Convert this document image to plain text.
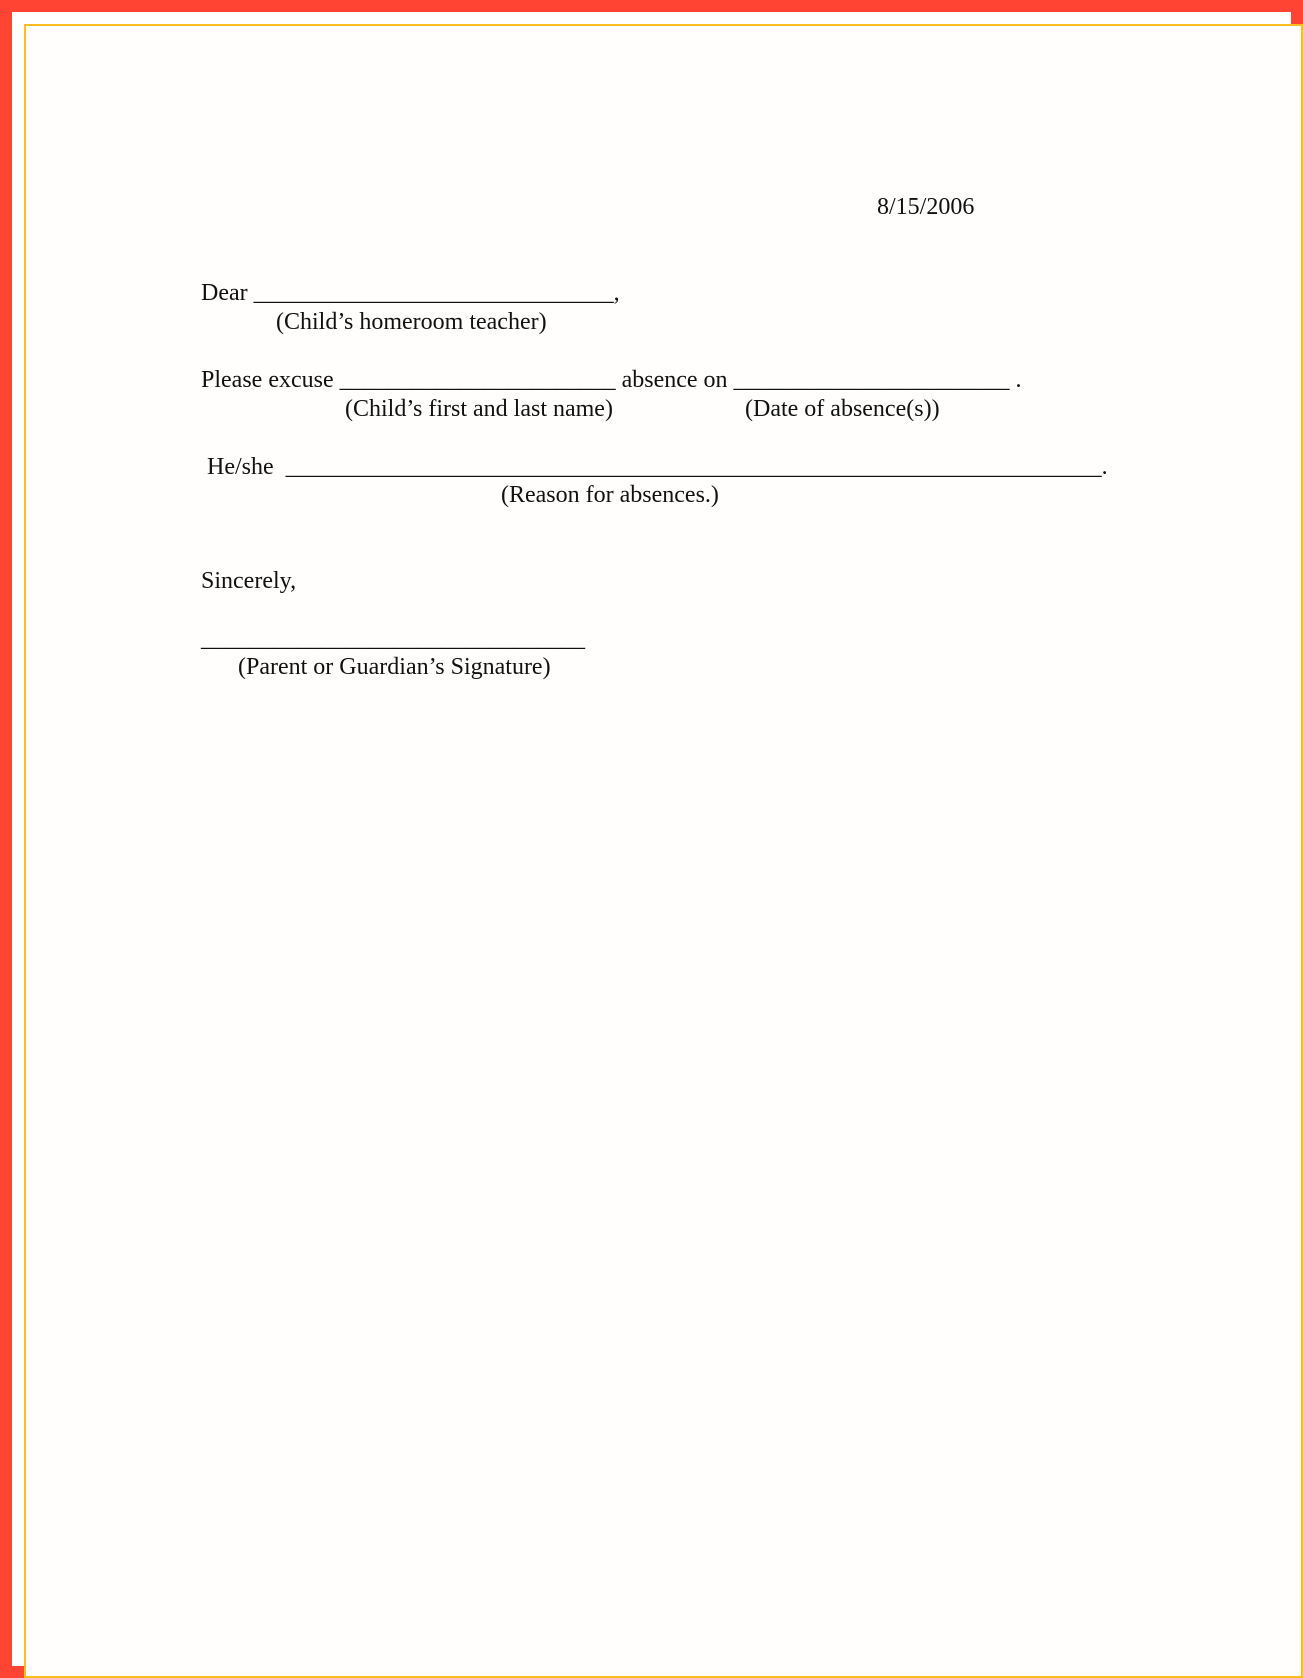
8/15/2006

Dear ______________________________,

(Child’s homeroom teacher)

Please excuse _______________________ absence on _______________________ .

(Child’s first and last name)	(Date of absence(s))

He/she  ____________________________________________________________________.

(Reason for absences.)

Sincerely,

________________________________

(Parent or Guardian’s Signature)
